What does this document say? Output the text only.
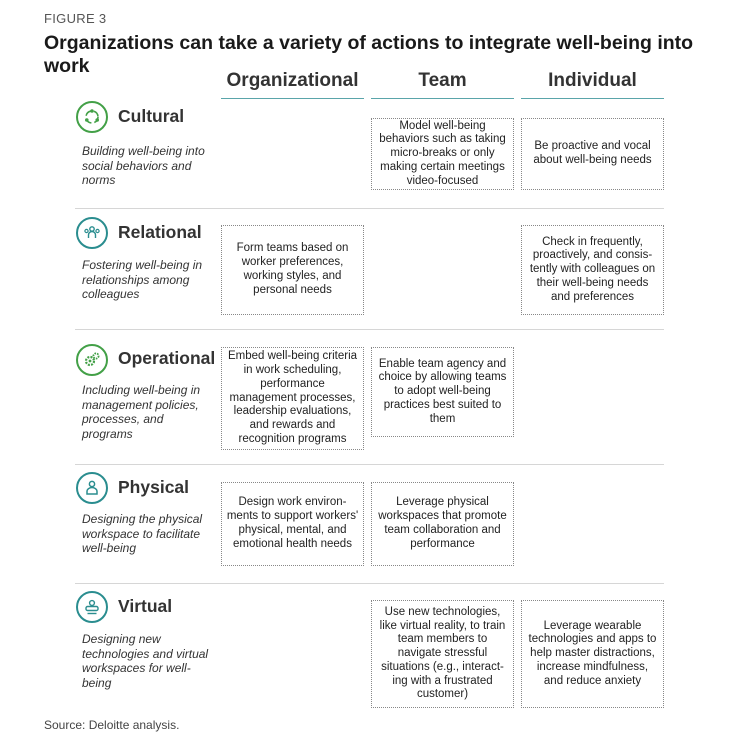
FIGURE 3
Organizations can take a variety of actions to integrate well-being into work
Organizational	Team	Individual
Cultural
Building well-being into social behaviors and norms
Model well-being behaviors such as taking micro-breaks or only making certain meetings video-focused
Be proactive and vocal about well-being needs
Relational
Fostering well-being in relationships among colleagues
Form teams based on worker preferences, working styles, and personal needs
Check in frequently, proactively, and consis-tently with colleagues on their well-being needs and preferences
Operational
Including well-being in management policies, processes, and programs
Embed well-being criteria in work scheduling, performance management processes, leadership evaluations, and rewards and recognition programs
Enable team agency and choice by allowing teams to adopt well-being practices best suited to them
Physical
Designing the physical workspace to facilitate well-being
Design work environ-ments to support workers' physical, mental, and emotional health needs
Leverage physical workspaces that promote team collaboration and performance
Virtual
Designing new technologies and virtual workspaces for well-being
Use new technologies, like virtual reality, to train team members to navigate stressful situations (e.g., interact-ing with a frustrated customer)
Leverage wearable technologies and apps to help master distractions, increase mindfulness, and reduce anxiety
Source: Deloitte analysis.
